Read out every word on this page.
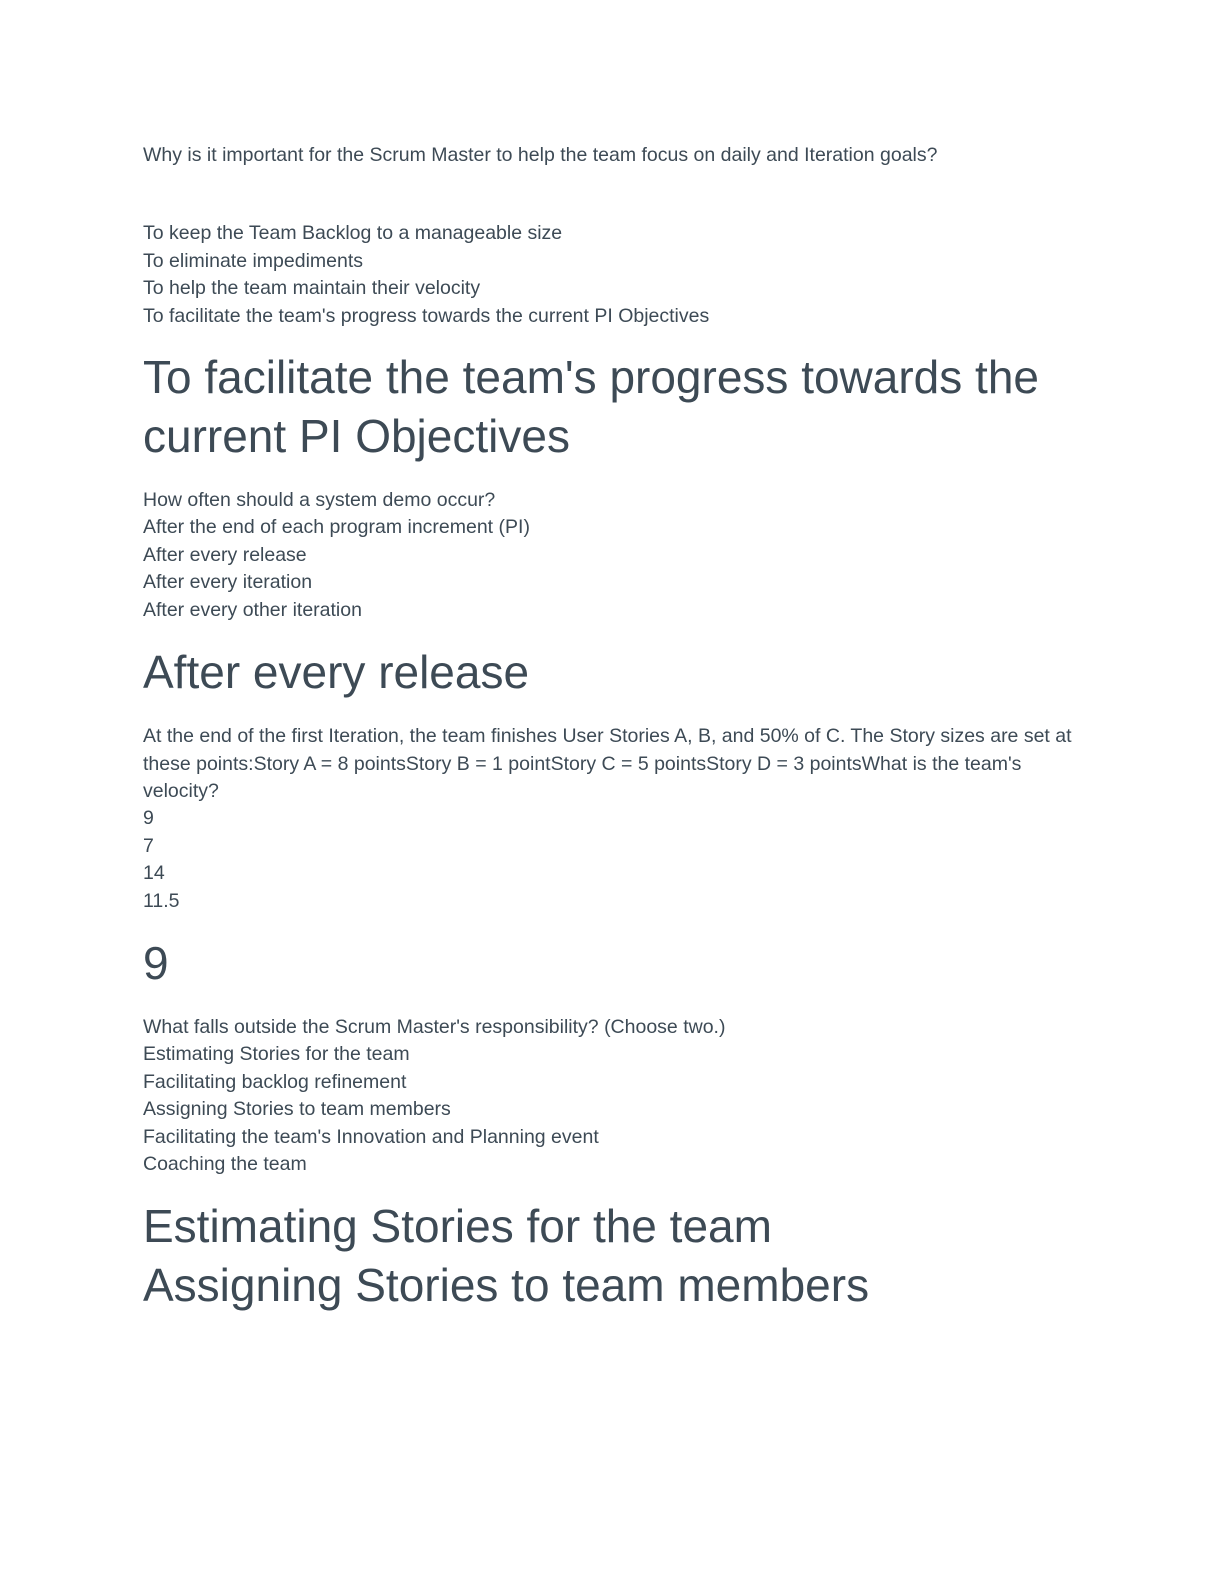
Why is it important for the Scrum Master to help the team focus on daily and Iteration goals?

To keep the Team Backlog to a manageable size
To eliminate impediments
To help the team maintain their velocity
To facilitate the team's progress towards the current PI Objectives
To facilitate the team's progress towards the
current PI Objectives

How often should a system demo occur?

After the end of each program increment (PI)
After every release
After every iteration
After every other iteration
After every release

At the end of the first Iteration, the team finishes User Stories A, B, and 50% of C. The Story sizes are set at these points:Story A = 8 pointsStory B = 1 pointStory C = 5 pointsStory D = 3 pointsWhat is the team's velocity?

9
7
14
11.5
9

What falls outside the Scrum Master's responsibility? (Choose two.)

Estimating Stories for the team
Facilitating backlog refinement
Assigning Stories to team members
Facilitating the team's Innovation and Planning event
Coaching the team
Estimating Stories for the team
Assigning Stories to team members
